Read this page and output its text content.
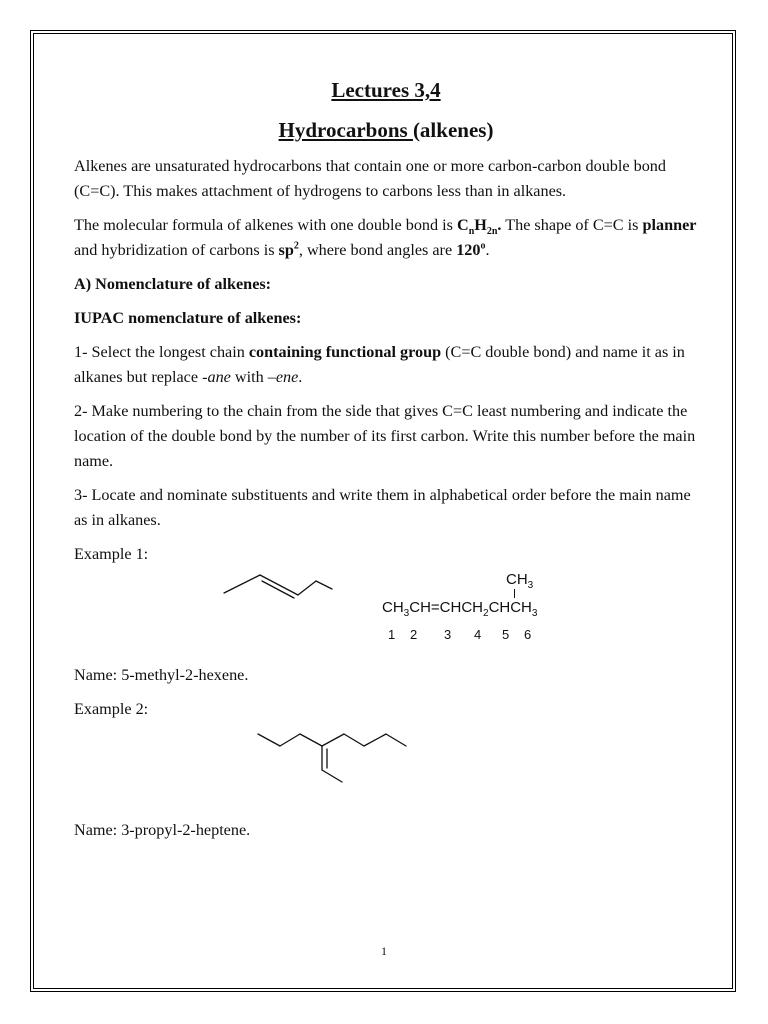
Lectures 3,4
Hydrocarbons (alkenes)

Alkenes are unsaturated hydrocarbons that contain one or more carbon-carbon double bond (C=C). This makes attachment of hydrogens to carbons less than in alkanes.

The molecular formula of alkenes with one double bond is $C_nH_{2n}$. The shape of C=C is planner and hybridization of carbons is $sp^2$, where bond angles are 120$^o$.

A) Nomenclature of alkenes:

IUPAC nomenclature of alkenes:

1- Select the longest chain containing functional group (C=C double bond) and name it as in alkanes but replace -ane with –ene.

2- Make numbering to the chain from the side that gives C=C least numbering and indicate the location of the double bond by the number of its first carbon. Write this number before the main name.

3- Locate and nominate substituents and write them in alphabetical order before the main name as in alkanes.

Example 1:

$CH_3$
$CH_3CH=CHCH_2CHCH_3$
1 2 3 4 5 6

Name: 5-methyl-2-hexene.

Example 2:

Name: 3-propyl-2-heptene.

1
